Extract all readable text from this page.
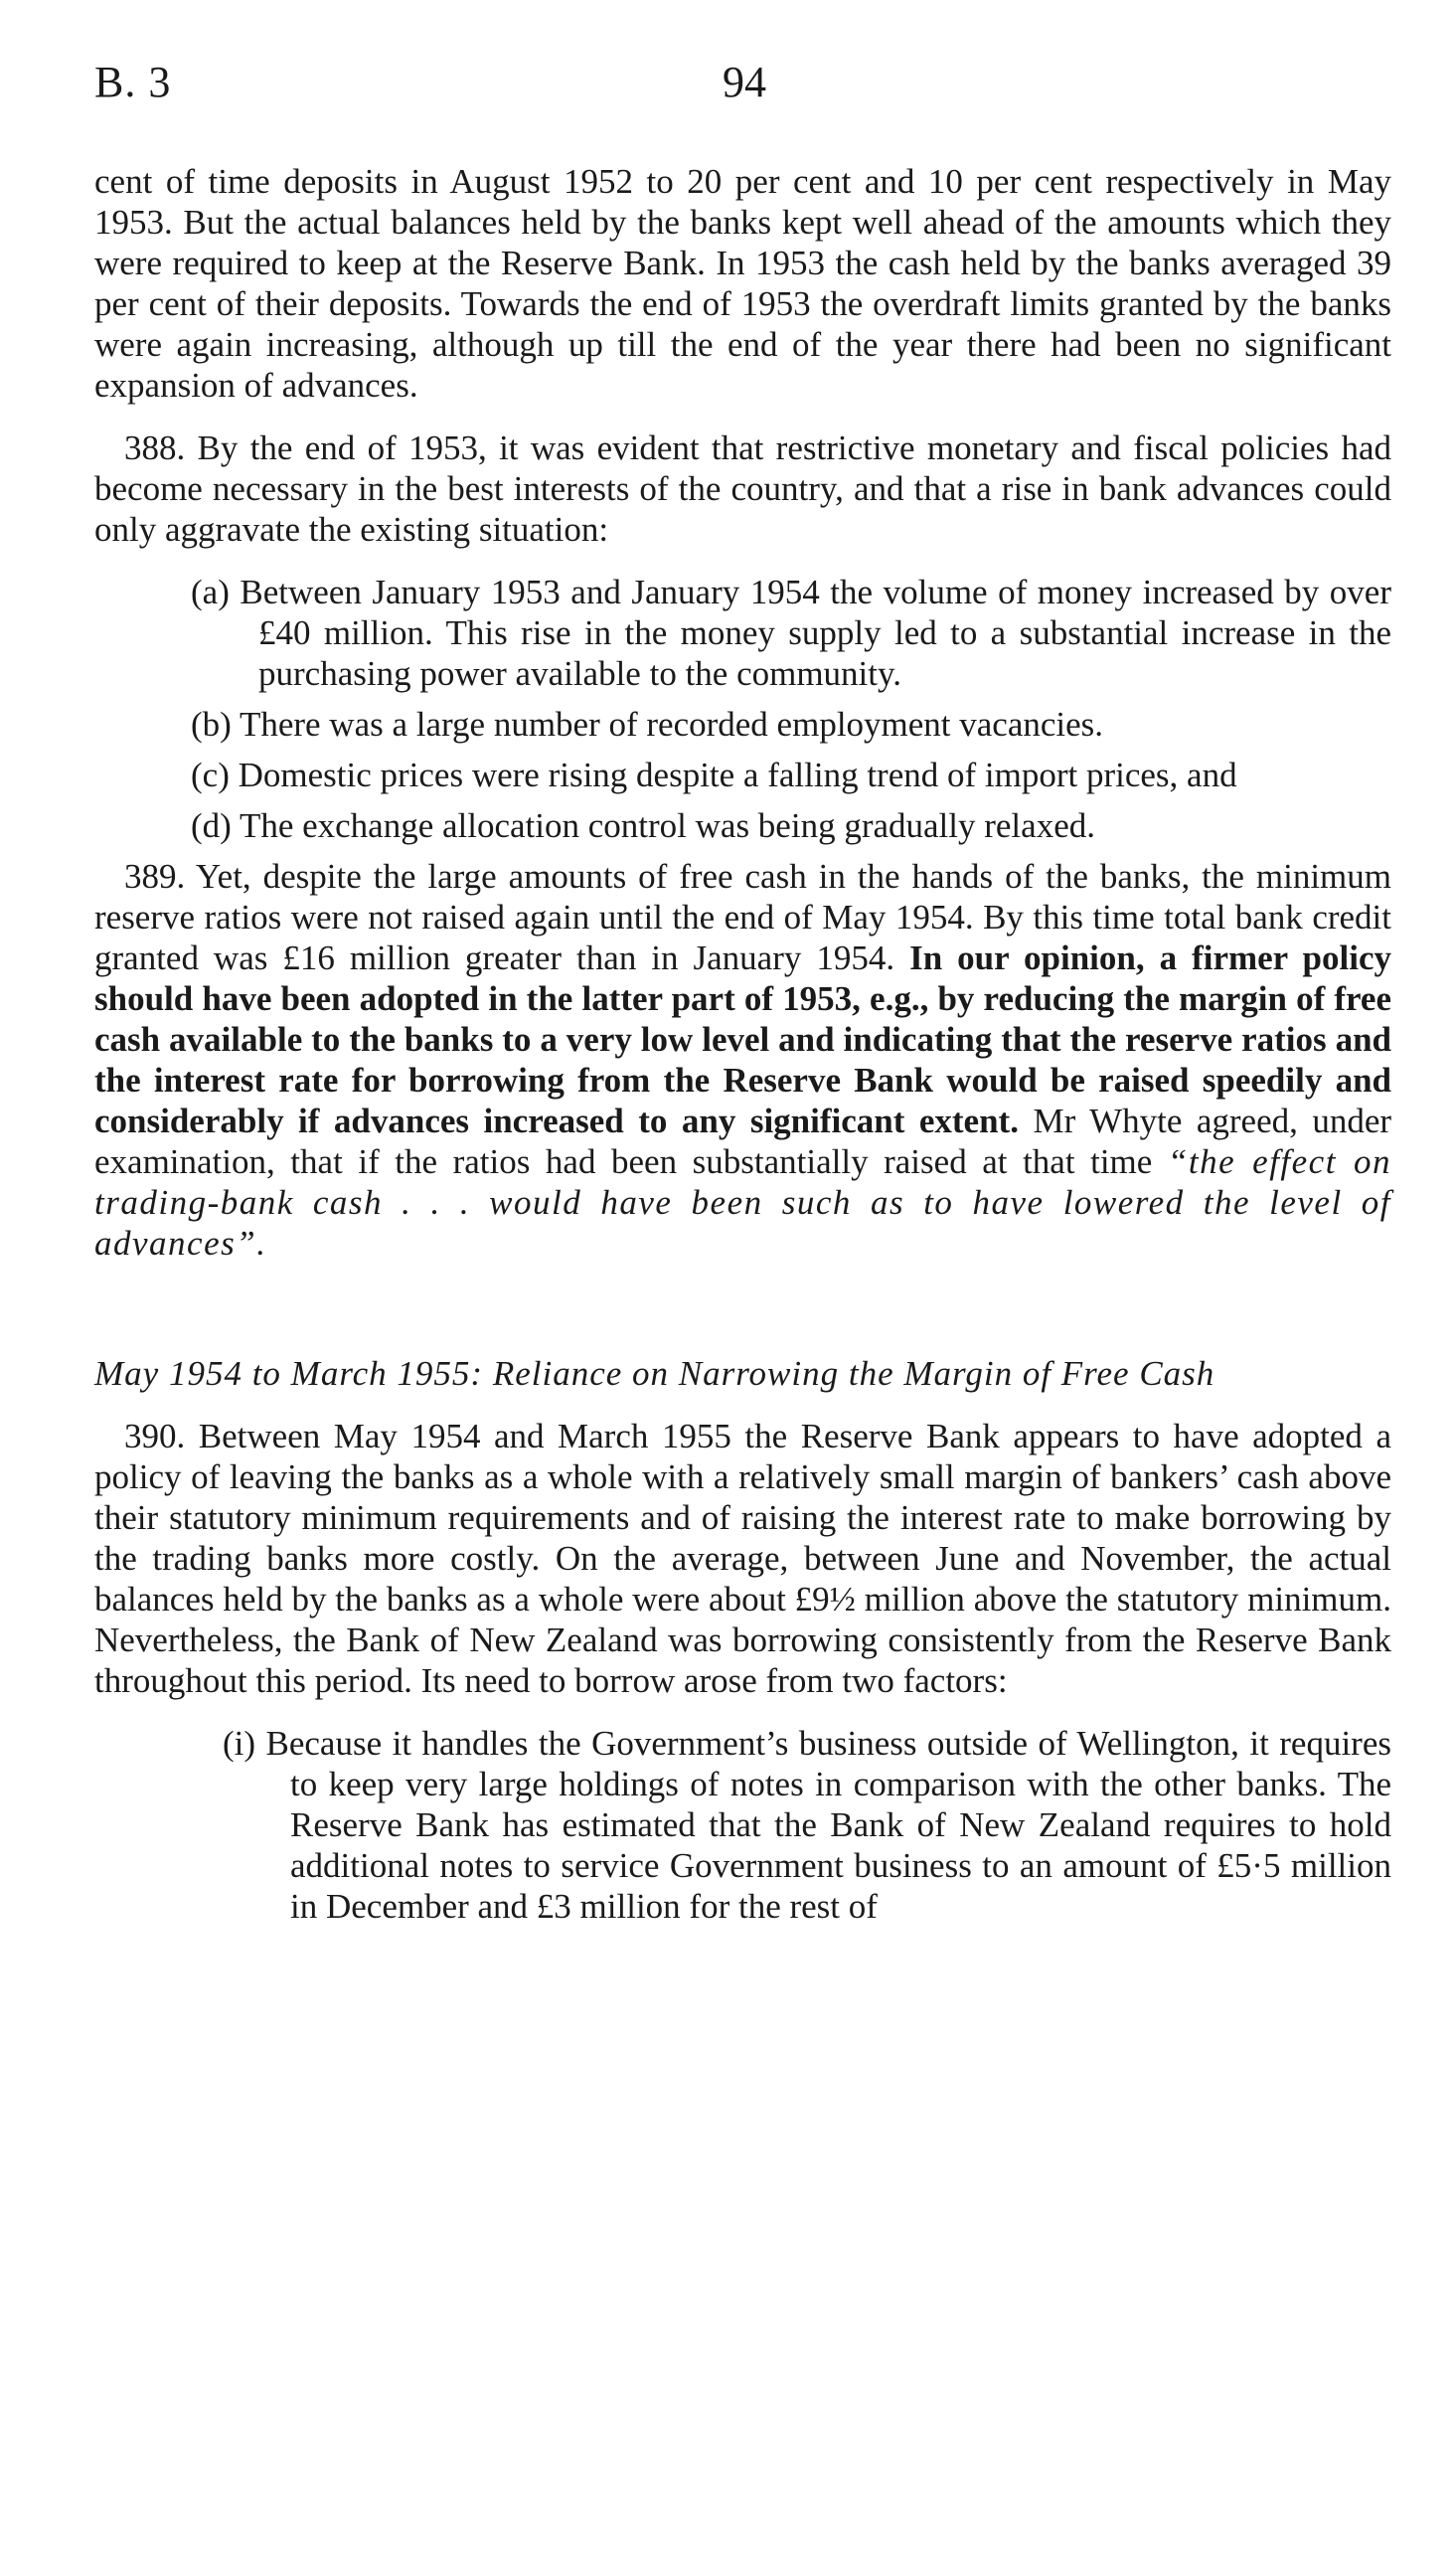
B. 3	94

cent of time deposits in August 1952 to 20 per cent and 10 per cent respectively in May 1953. But the actual balances held by the banks kept well ahead of the amounts which they were required to keep at the Reserve Bank. In 1953 the cash held by the banks averaged 39 per cent of their deposits. Towards the end of 1953 the overdraft limits granted by the banks were again increasing, although up till the end of the year there had been no significant expansion of advances.

388. By the end of 1953, it was evident that restrictive monetary and fiscal policies had become necessary in the best interests of the country, and that a rise in bank advances could only aggravate the existing situation:

(a) Between January 1953 and January 1954 the volume of money increased by over £40 million. This rise in the money supply led to a substantial increase in the purchasing power available to the community.

(b) There was a large number of recorded employment vacancies.

(c) Domestic prices were rising despite a falling trend of import prices, and

(d) The exchange allocation control was being gradually relaxed.

389. Yet, despite the large amounts of free cash in the hands of the banks, the minimum reserve ratios were not raised again until the end of May 1954. By this time total bank credit granted was £16 million greater than in January 1954. In our opinion, a firmer policy should have been adopted in the latter part of 1953, e.g., by reducing the margin of free cash available to the banks to a very low level and indicating that the reserve ratios and the interest rate for borrowing from the Reserve Bank would be raised speedily and considerably if advances increased to any significant extent. Mr Whyte agreed, under examination, that if the ratios had been substantially raised at that time “the effect on trading-bank cash . . . would have been such as to have lowered the level of advances”.

May 1954 to March 1955: Reliance on Narrowing the Margin of Free Cash

390. Between May 1954 and March 1955 the Reserve Bank appears to have adopted a policy of leaving the banks as a whole with a relatively small margin of bankers’ cash above their statutory minimum requirements and of raising the interest rate to make borrowing by the trading banks more costly. On the average, between June and November, the actual balances held by the banks as a whole were about £9½ million above the statutory minimum. Nevertheless, the Bank of New Zealand was borrowing consistently from the Reserve Bank throughout this period. Its need to borrow arose from two factors:

(i) Because it handles the Government’s business outside of Wellington, it requires to keep very large holdings of notes in comparison with the other banks. The Reserve Bank has estimated that the Bank of New Zealand requires to hold additional notes to service Government business to an amount of £5·5 million in December and £3 million for the rest of
